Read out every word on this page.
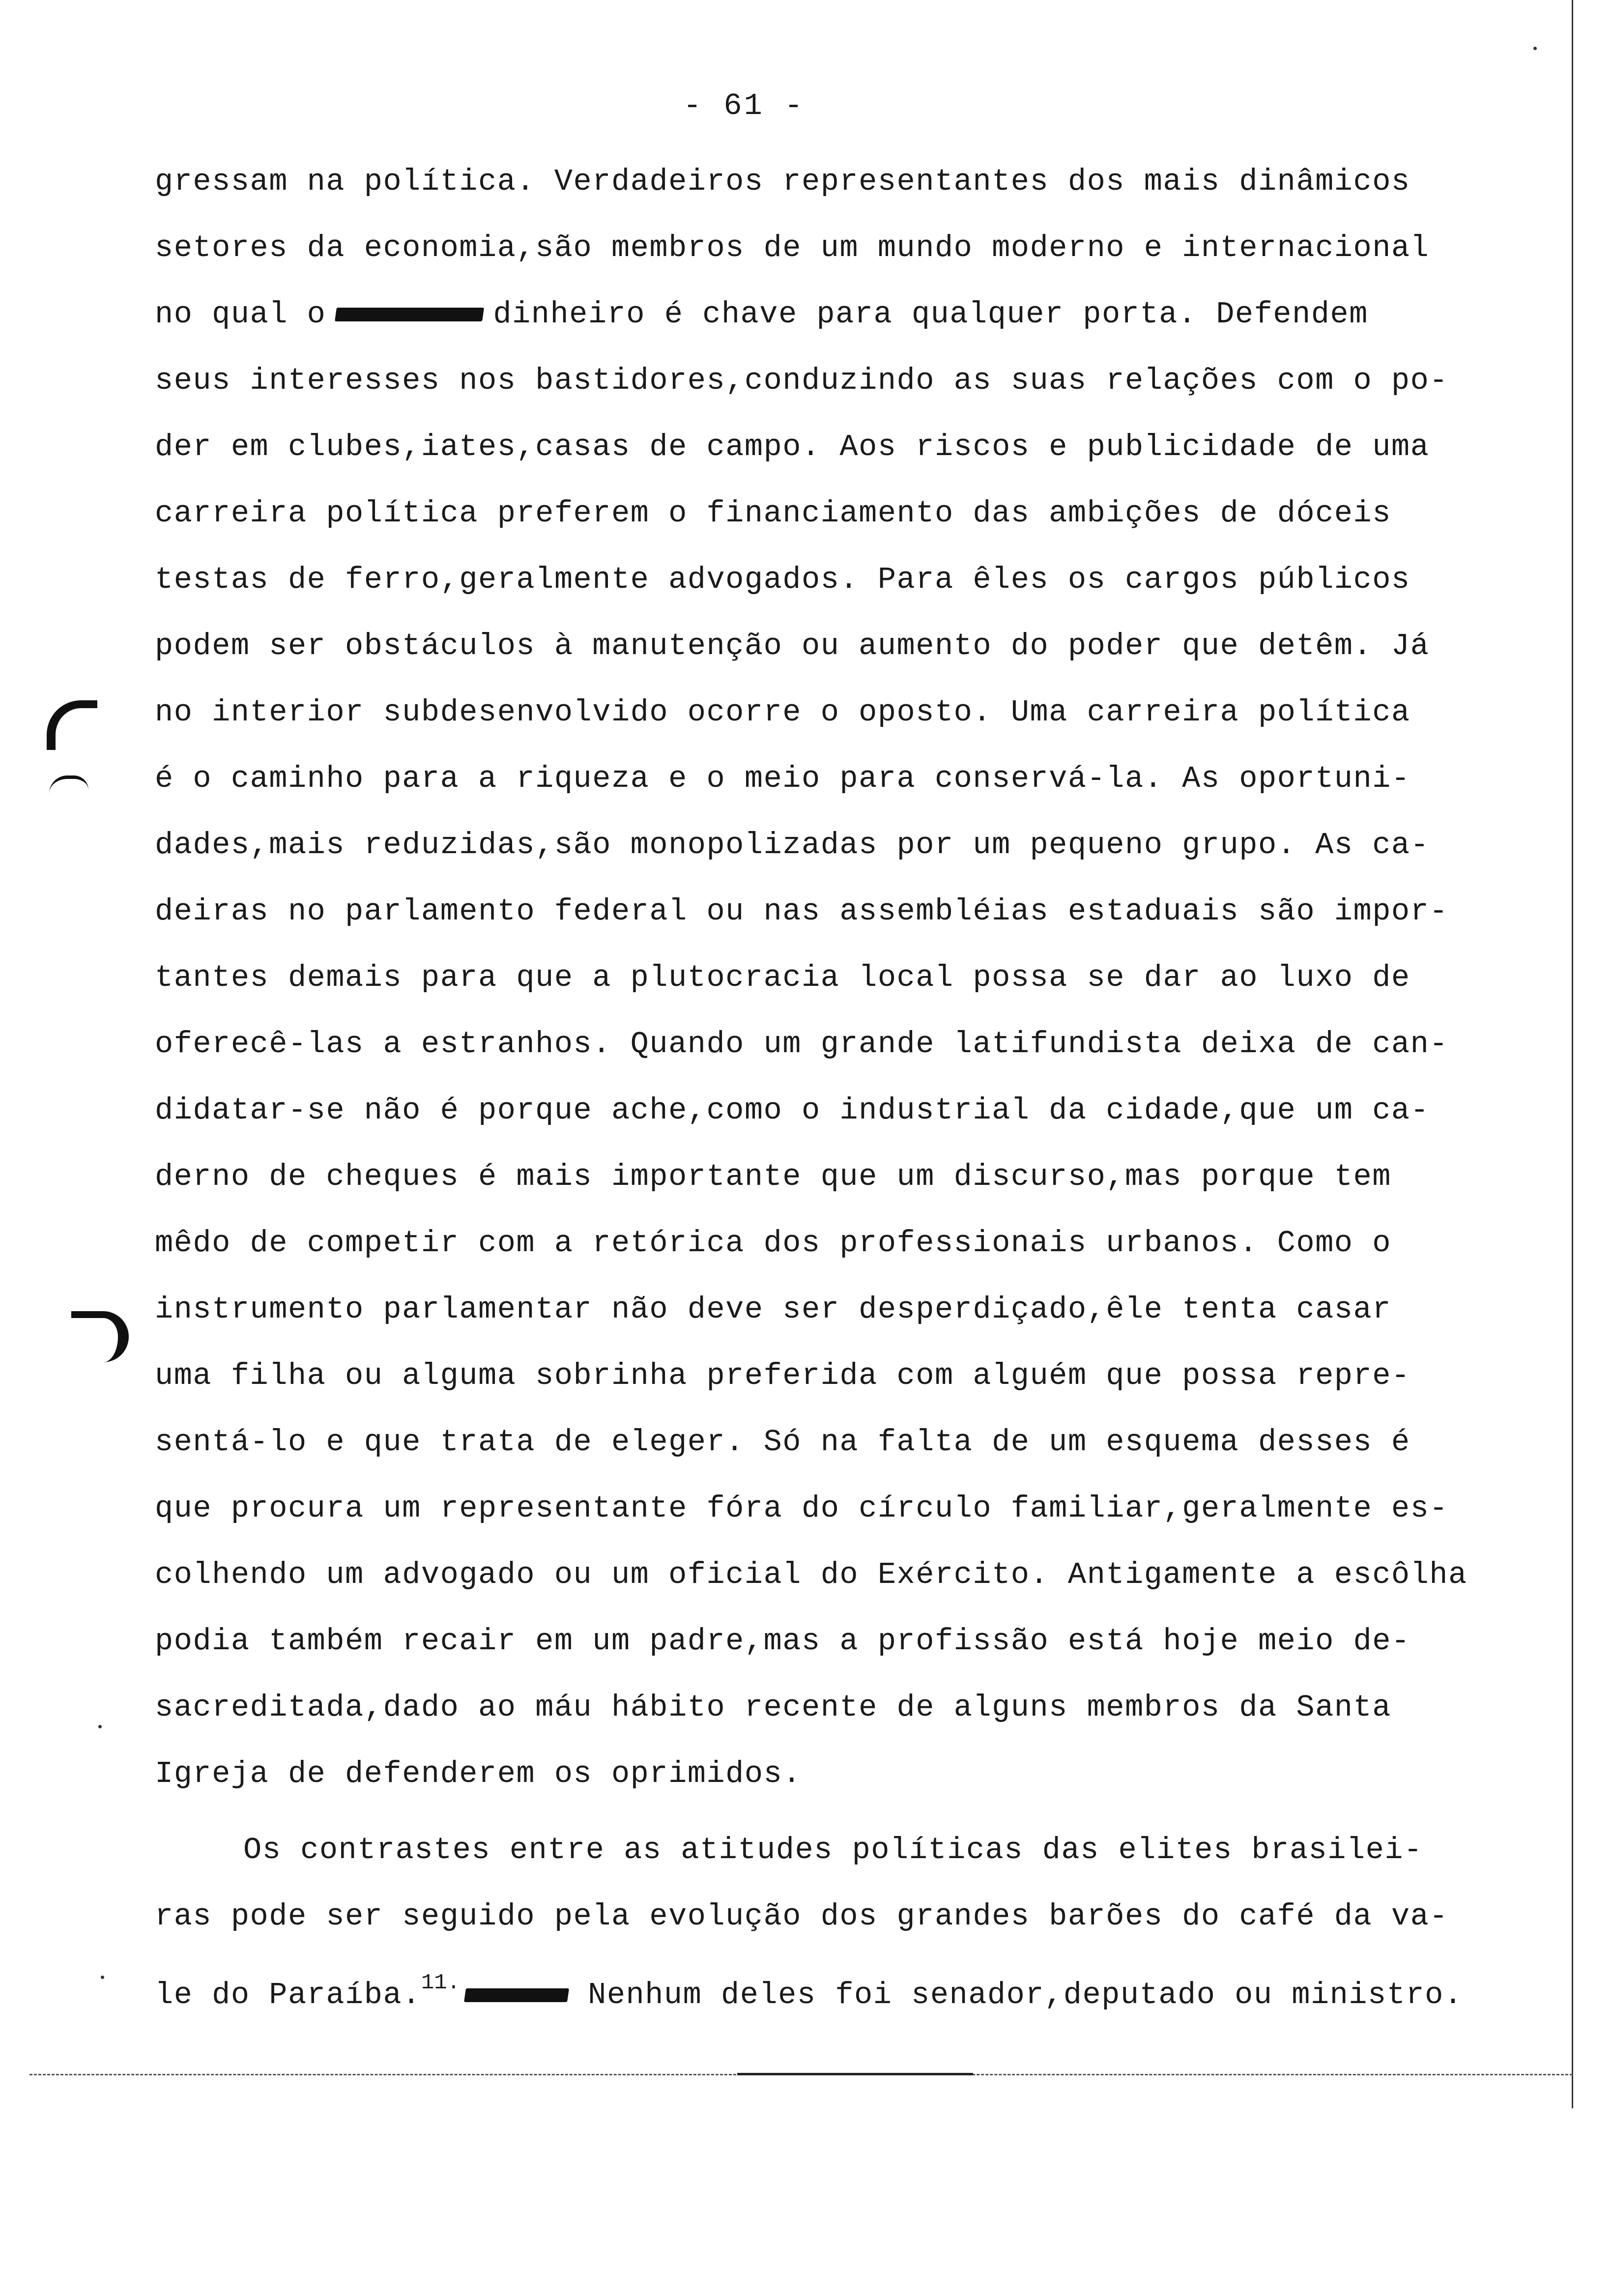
- 61 -
gressam na política. Verdadeiros representantes dos mais dinâmicos
setores da economia,são membros de um mundo moderno e internacional
no qual o	dinheiro é chave para qualquer porta. Defendem
seus interesses nos bastidores,conduzindo as suas relações com o po-
der em clubes,iates,casas de campo. Aos riscos e publicidade de uma
carreira política preferem o financiamento das ambições de dóceis
testas de ferro,geralmente advogados. Para êles os cargos públicos
podem ser obstáculos à manutenção ou aumento do poder que detêm. Já
no interior subdesenvolvido ocorre o oposto. Uma carreira política
é o caminho para a riqueza e o meio para conservá-la. As oportuni-
dades,mais reduzidas,são monopolizadas por um pequeno grupo. As ca-
deiras no parlamento federal ou nas assembléias estaduais são impor-
tantes demais para que a plutocracia local possa se dar ao luxo de
oferecê-las a estranhos. Quando um grande latifundista deixa de can-
didatar-se não é porque ache,como o industrial da cidade,que um ca-
derno de cheques é mais importante que um discurso,mas porque tem
mêdo de competir com a retórica dos professionais urbanos. Como o
instrumento parlamentar não deve ser desperdiçado,êle tenta casar
uma filha ou alguma sobrinha preferida com alguém que possa repre-
sentá-lo e que trata de eleger. Só na falta de um esquema desses é
que procura um representante fóra do círculo familiar,geralmente es-
colhendo um advogado ou um oficial do Exército. Antigamente a escôlha
podia também recair em um padre,mas a profissão está hoje meio de-
sacreditada,dado ao máu hábito recente de alguns membros da Santa
Igreja de defenderem os oprimidos.
Os contrastes entre as atitudes políticas das elites brasilei-
ras pode ser seguido pela evolução dos grandes barões do café da va-
le do Paraíba.$^{11.}$	Nenhum deles foi senador,deputado ou ministro.
